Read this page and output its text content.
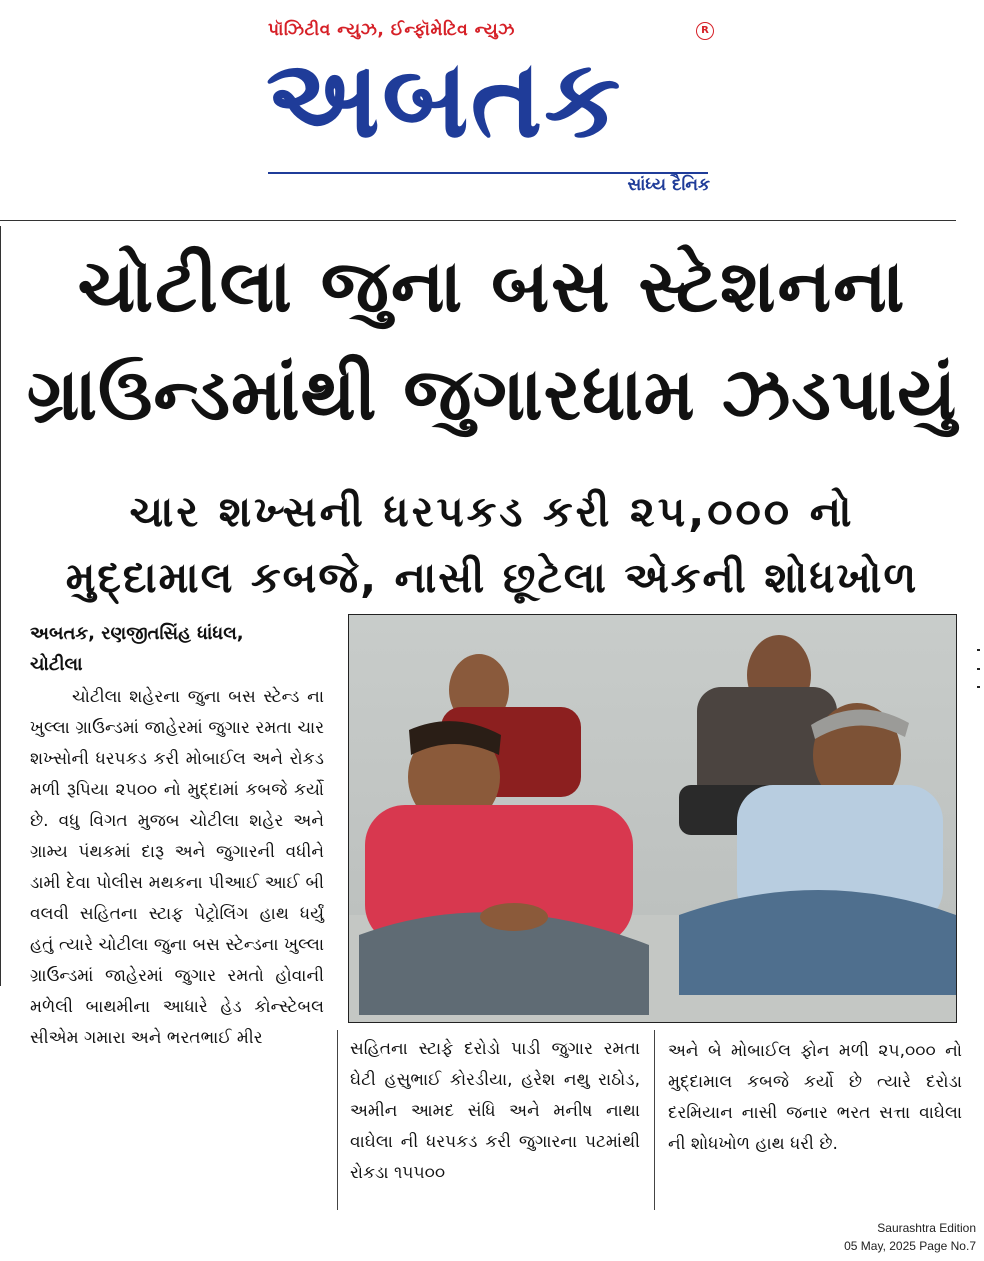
પૉઝિટીવ ન્યુઝ, ઈન્ફૉમેટિવ ન્યુઝ	R
અબતક
સાંધ્ય દૈનિક
ચોટીલા જુના બસ સ્ટેશનના
ગ્રાઉન્ડમાંથી જુગારધામ ઝડપાયું
ચાર શખ્સની ધરપકડ કરી ૨૫,૦૦૦ નો
મુદ્દામાલ કબજે, નાસી છૂટેલા એકની શોધખોળ
અબતક, રણજીતસિંહ ધાંધલ,
ચોટીલા
ચોટીલા શહેરના જુના બસ સ્ટેન્ડ ના ખુલ્લા ગ્રાઉન્ડમાં જાહેરમાં જુગાર રમતા ચાર શખ્સોની ધરપકડ કરી મોબાઈલ અને રોકડ મળી રૂપિયા ૨૫૦૦ નો મુદ્દામાં કબજે કર્યો છે. વધુ વિગત મુજબ ચોટીલા શહેર અને ગ્રામ્ય પંથકમાં દારૂ અને જુગારની વધીને ડામી દેવા પોલીસ મથકના પીઆઈ આઈ બી વલવી સહિતના સ્ટાફ પેટ્રોલિંગ હાથ ધર્યું હતું ત્યારે ચોટીલા જુના બસ સ્ટેન્ડના ખુલ્લા ગ્રાઉન્ડમાં જાહેરમાં જુગાર રમતો હોવાની મળેલી બાથમીના આધારે હેડ કોન્સ્ટેબલ સીએમ ગમારા અને ભરતભાઈ મીર
સહિતના સ્ટાફે દરોડો પાડી જુગાર રમતા ઘેટી હસુભાઈ કોરડીયા, હરેશ નથુ રાઠોડ, અમીન આમદ સંધિ અને મનીષ નાથા વાઘેલા ની ધરપકડ કરી જુગારના પટમાંથી રોકડા ૧૫૫૦૦
અને બે મોબાઈલ ફોન મળી ૨૫,૦૦૦ નો મુદ્દામાલ કબજે કર્યો છે ત્યારે દરોડા દરમિયાન નાસી જનાર ભરત સત્તા વાઘેલા ની શોધખોળ હાથ ધરી છે.
Saurashtra Edition
05 May, 2025 Page No.7
